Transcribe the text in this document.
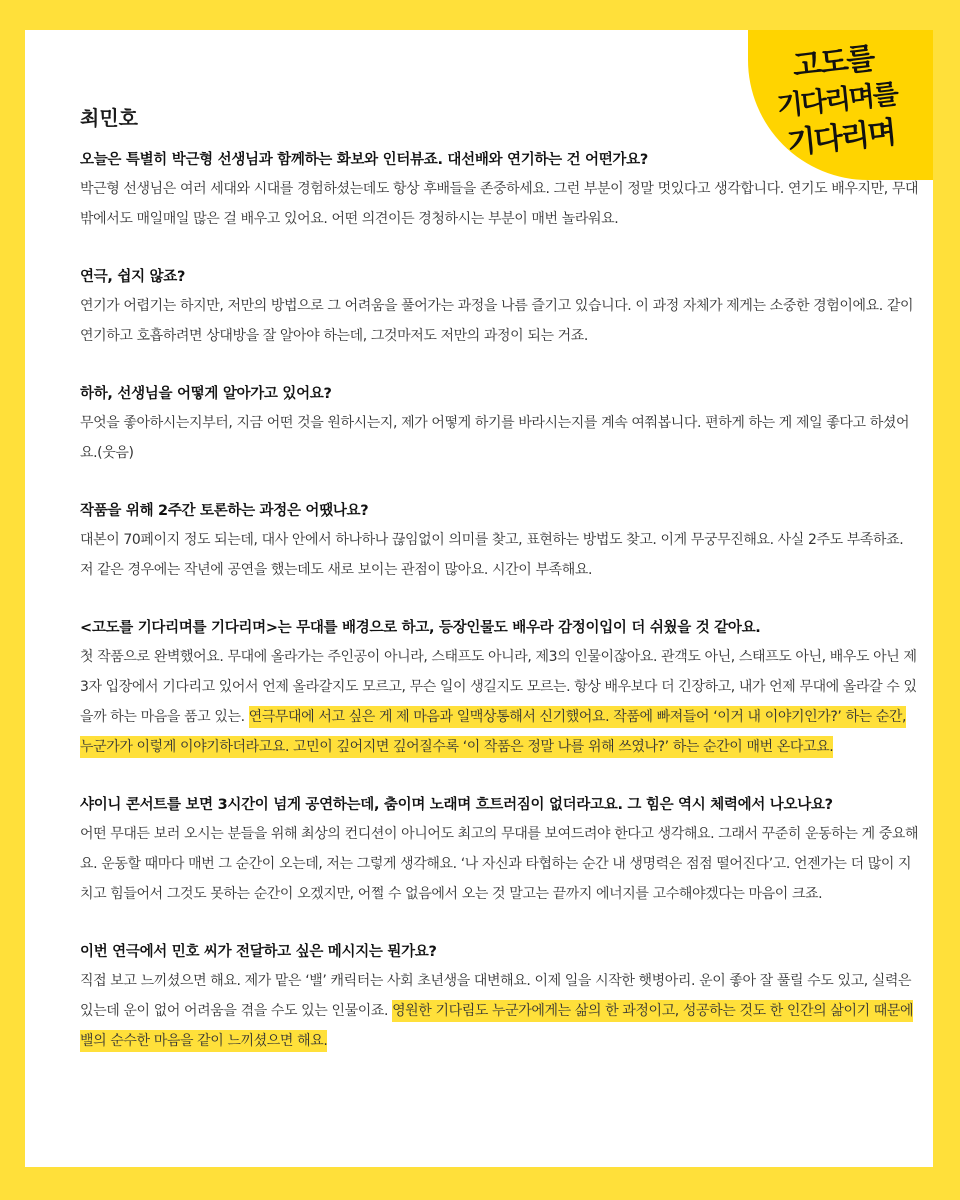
고도를
기다리며를
기다리며
최민호

오늘은 특별히 박근형 선생님과 함께하는 화보와 인터뷰죠. 대선배와 연기하는 건 어떤가요?

박근형 선생님은 여러 세대와 시대를 경험하셨는데도 항상 후배들을 존중하세요. 그런 부분이 정말 멋있다고 생각합니다. 연기도 배우지만, 무대 밖에서도 매일매일 많은 걸 배우고 있어요. 어떤 의견이든 경청하시는 부분이 매번 놀라워요.

연극, 쉽지 않죠?

연기가 어렵기는 하지만, 저만의 방법으로 그 어려움을 풀어가는 과정을 나름 즐기고 있습니다. 이 과정 자체가 제게는 소중한 경험이에요. 같이 연기하고 호흡하려면 상대방을 잘 알아야 하는데, 그것마저도 저만의 과정이 되는 거죠.

하하, 선생님을 어떻게 알아가고 있어요?

무엇을 좋아하시는지부터, 지금 어떤 것을 원하시는지, 제가 어떻게 하기를 바라시는지를 계속 여쭤봅니다. 편하게 하는 게 제일 좋다고 하셨어요.(웃음)

작품을 위해 2주간 토론하는 과정은 어땠나요?

대본이 70페이지 정도 되는데, 대사 안에서 하나하나 끊임없이 의미를 찾고, 표현하는 방법도 찾고. 이게 무궁무진해요. 사실 2주도 부족하죠. 저 같은 경우에는 작년에 공연을 했는데도 새로 보이는 관점이 많아요. 시간이 부족해요.

<고도를 기다리며를 기다리며>는 무대를 배경으로 하고, 등장인물도 배우라 감정이입이 더 쉬웠을 것 같아요.

첫 작품으로 완벽했어요. 무대에 올라가는 주인공이 아니라, 스태프도 아니라, 제3의 인물이잖아요. 관객도 아닌, 스태프도 아닌, 배우도 아닌 제3자 입장에서 기다리고 있어서 언제 올라갈지도 모르고, 무슨 일이 생길지도 모르는. 항상 배우보다 더 긴장하고, 내가 언제 무대에 올라갈 수 있을까 하는 마음을 품고 있는. 연극무대에 서고 싶은 게 제 마음과 일맥상통해서 신기했어요. 작품에 빠져들어 ‘이거 내 이야기인가?’ 하는 순간, 누군가가 이렇게 이야기하더라고요. 고민이 깊어지면 깊어질수록 ‘이 작품은 정말 나를 위해 쓰였나?’ 하는 순간이 매번 온다고요.

샤이니 콘서트를 보면 3시간이 넘게 공연하는데, 춤이며 노래며 흐트러짐이 없더라고요. 그 힘은 역시 체력에서 나오나요?

어떤 무대든 보러 오시는 분들을 위해 최상의 컨디션이 아니어도 최고의 무대를 보여드려야 한다고 생각해요. 그래서 꾸준히 운동하는 게 중요해요. 운동할 때마다 매번 그 순간이 오는데, 저는 그렇게 생각해요. ‘나 자신과 타협하는 순간 내 생명력은 점점 떨어진다’고. 언젠가는 더 많이 지치고 힘들어서 그것도 못하는 순간이 오겠지만, 어쩔 수 없음에서 오는 것 말고는 끝까지 에너지를 고수해야겠다는 마음이 크죠.

이번 연극에서 민호 씨가 전달하고 싶은 메시지는 뭔가요?

직접 보고 느끼셨으면 해요. 제가 맡은 ‘밸’ 캐릭터는 사회 초년생을 대변해요. 이제 일을 시작한 햇병아리. 운이 좋아 잘 풀릴 수도 있고, 실력은 있는데 운이 없어 어려움을 겪을 수도 있는 인물이죠. 영원한 기다림도 누군가에게는 삶의 한 과정이고, 성공하는 것도 한 인간의 삶이기 때문에 밸의 순수한 마음을 같이 느끼셨으면 해요.
